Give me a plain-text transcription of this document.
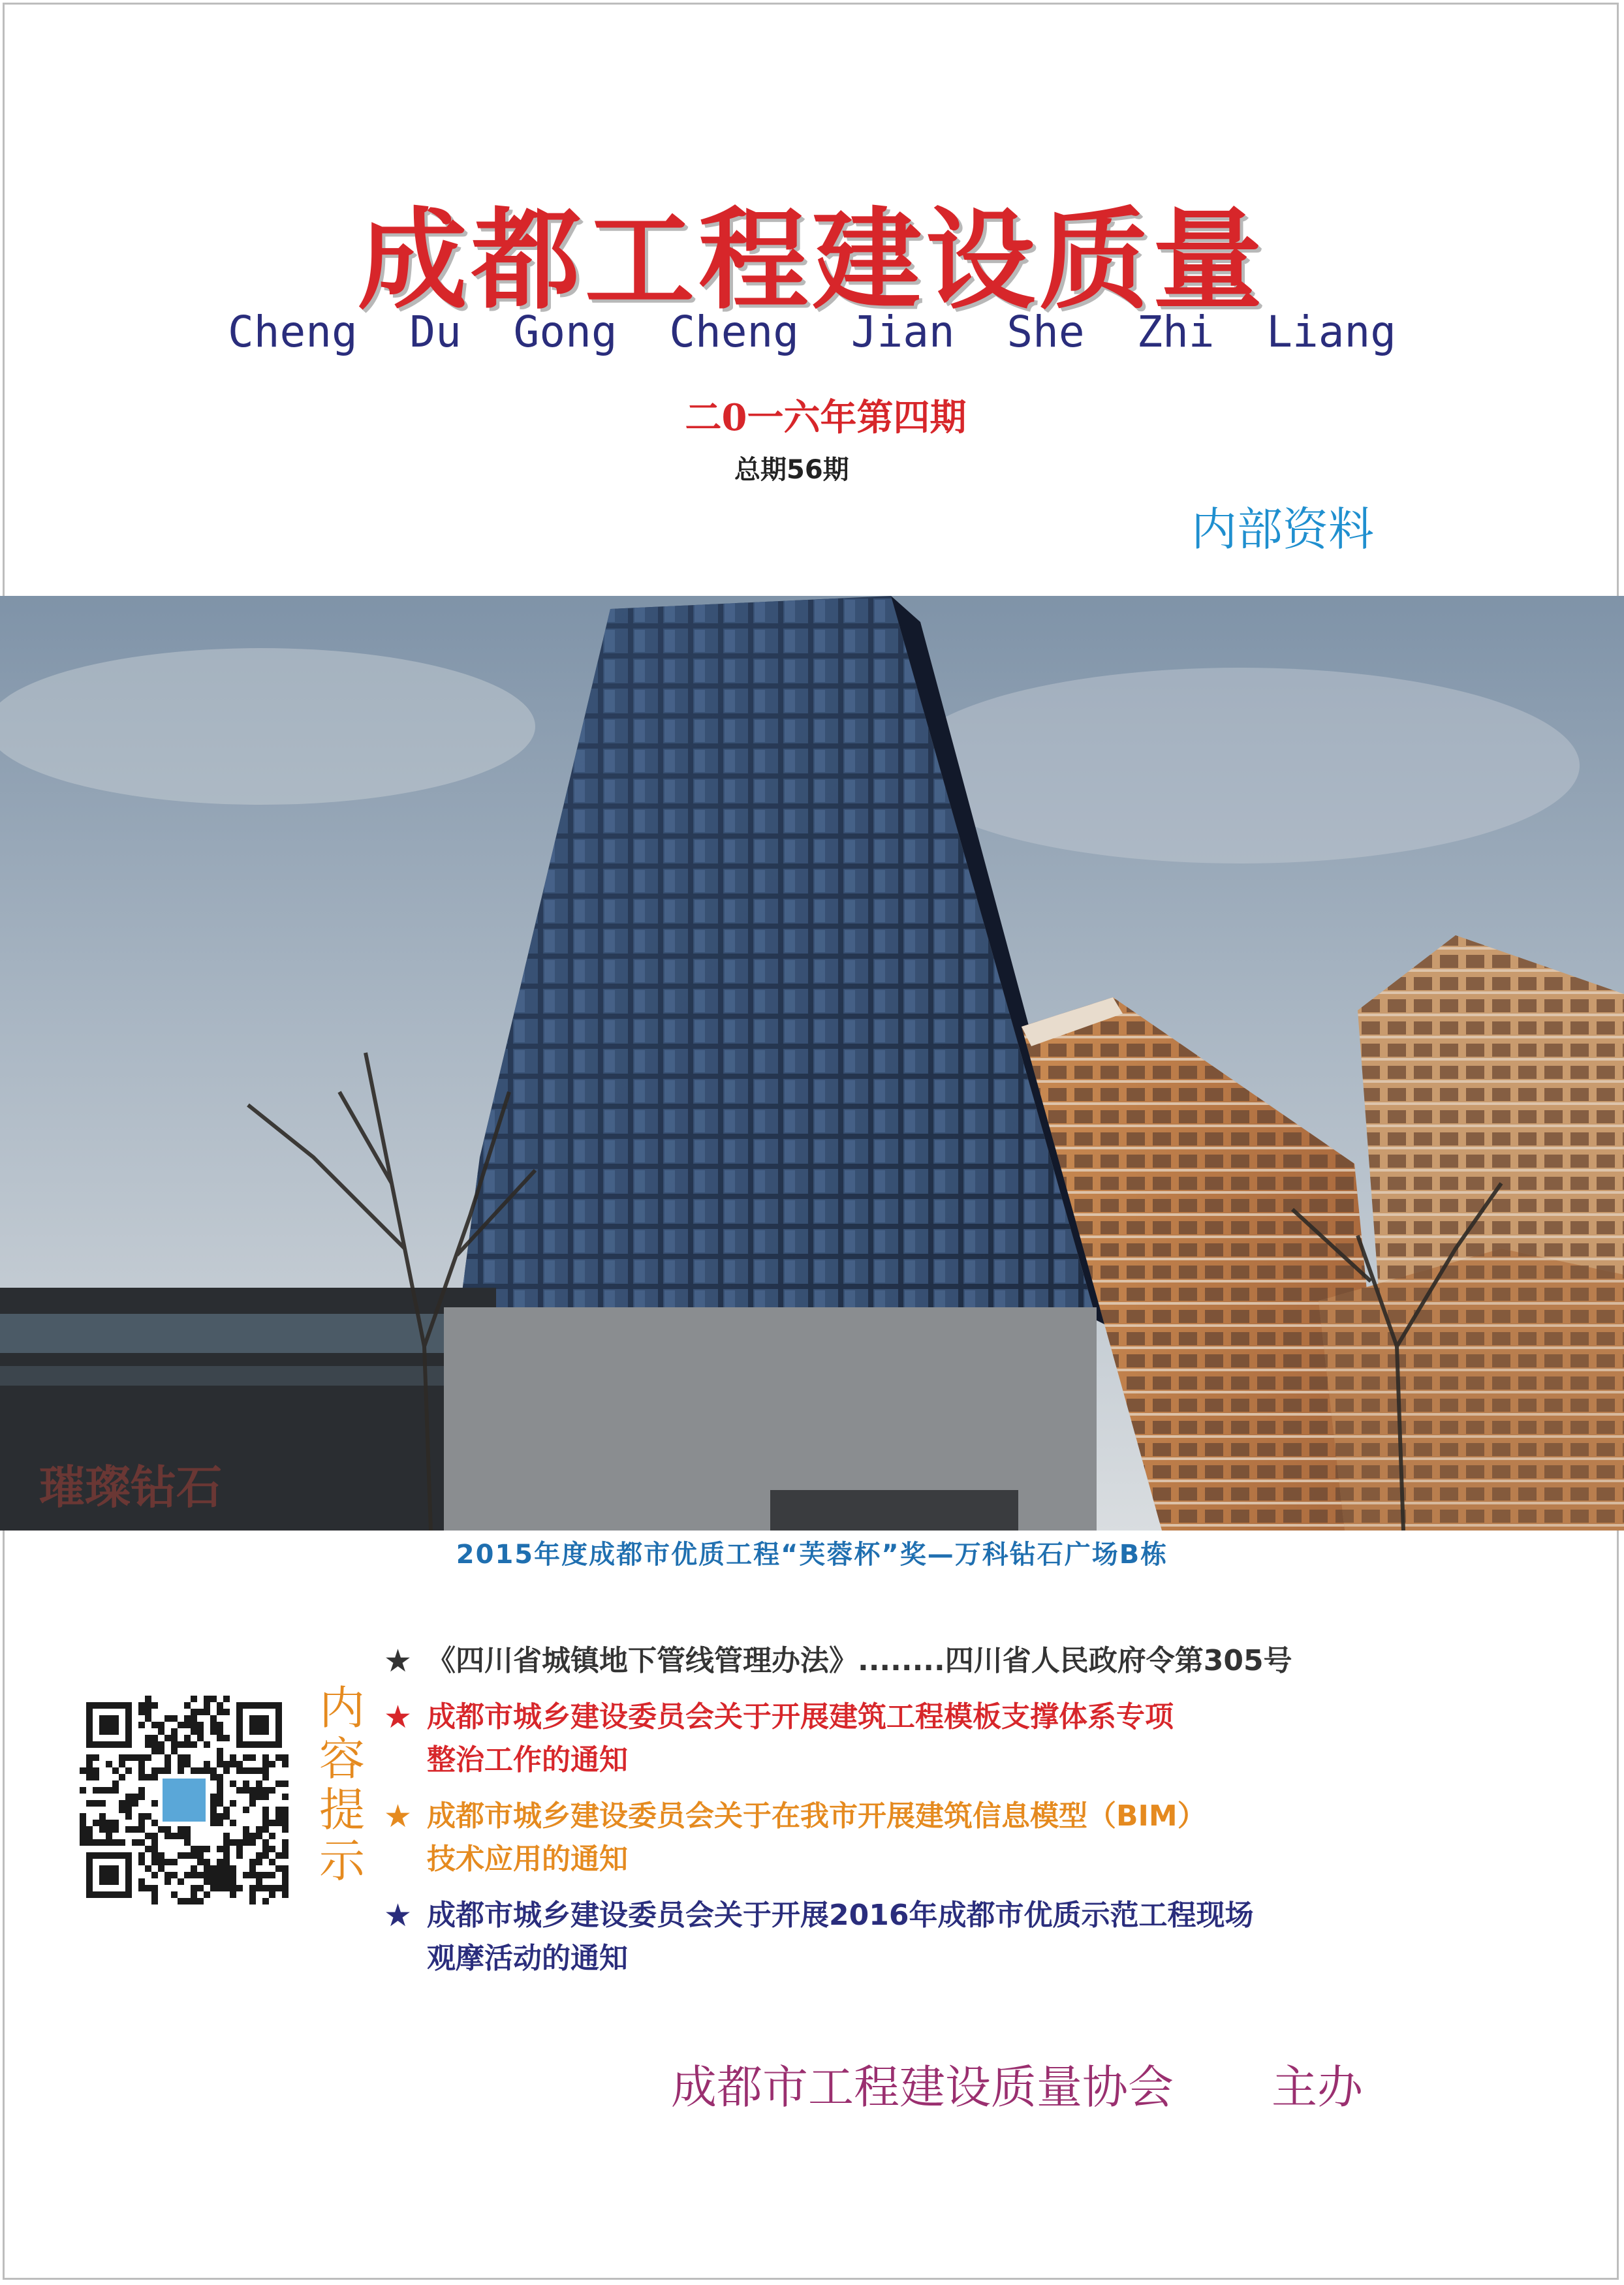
成都工程建设质量
Cheng Du Gong Cheng Jian She Zhi Liang
二0一六年第四期
总期56期
内部资料
璀璨钻石
2015年度成都市优质工程“芙蓉杯”奖—万科钻石广场B栋
内
容
提
示
★ 《四川省城镇地下管线管理办法》........四川省人民政府令第305号
★ 成都市城乡建设委员会关于开展建筑工程模板支撑体系专项
整治工作的通知
★ 成都市城乡建设委员会关于在我市开展建筑信息模型（BIM）
技术应用的通知
★ 成都市城乡建设委员会关于开展2016年成都市优质示范工程现场
观摩活动的通知
成都市工程建设质量协会 主办
